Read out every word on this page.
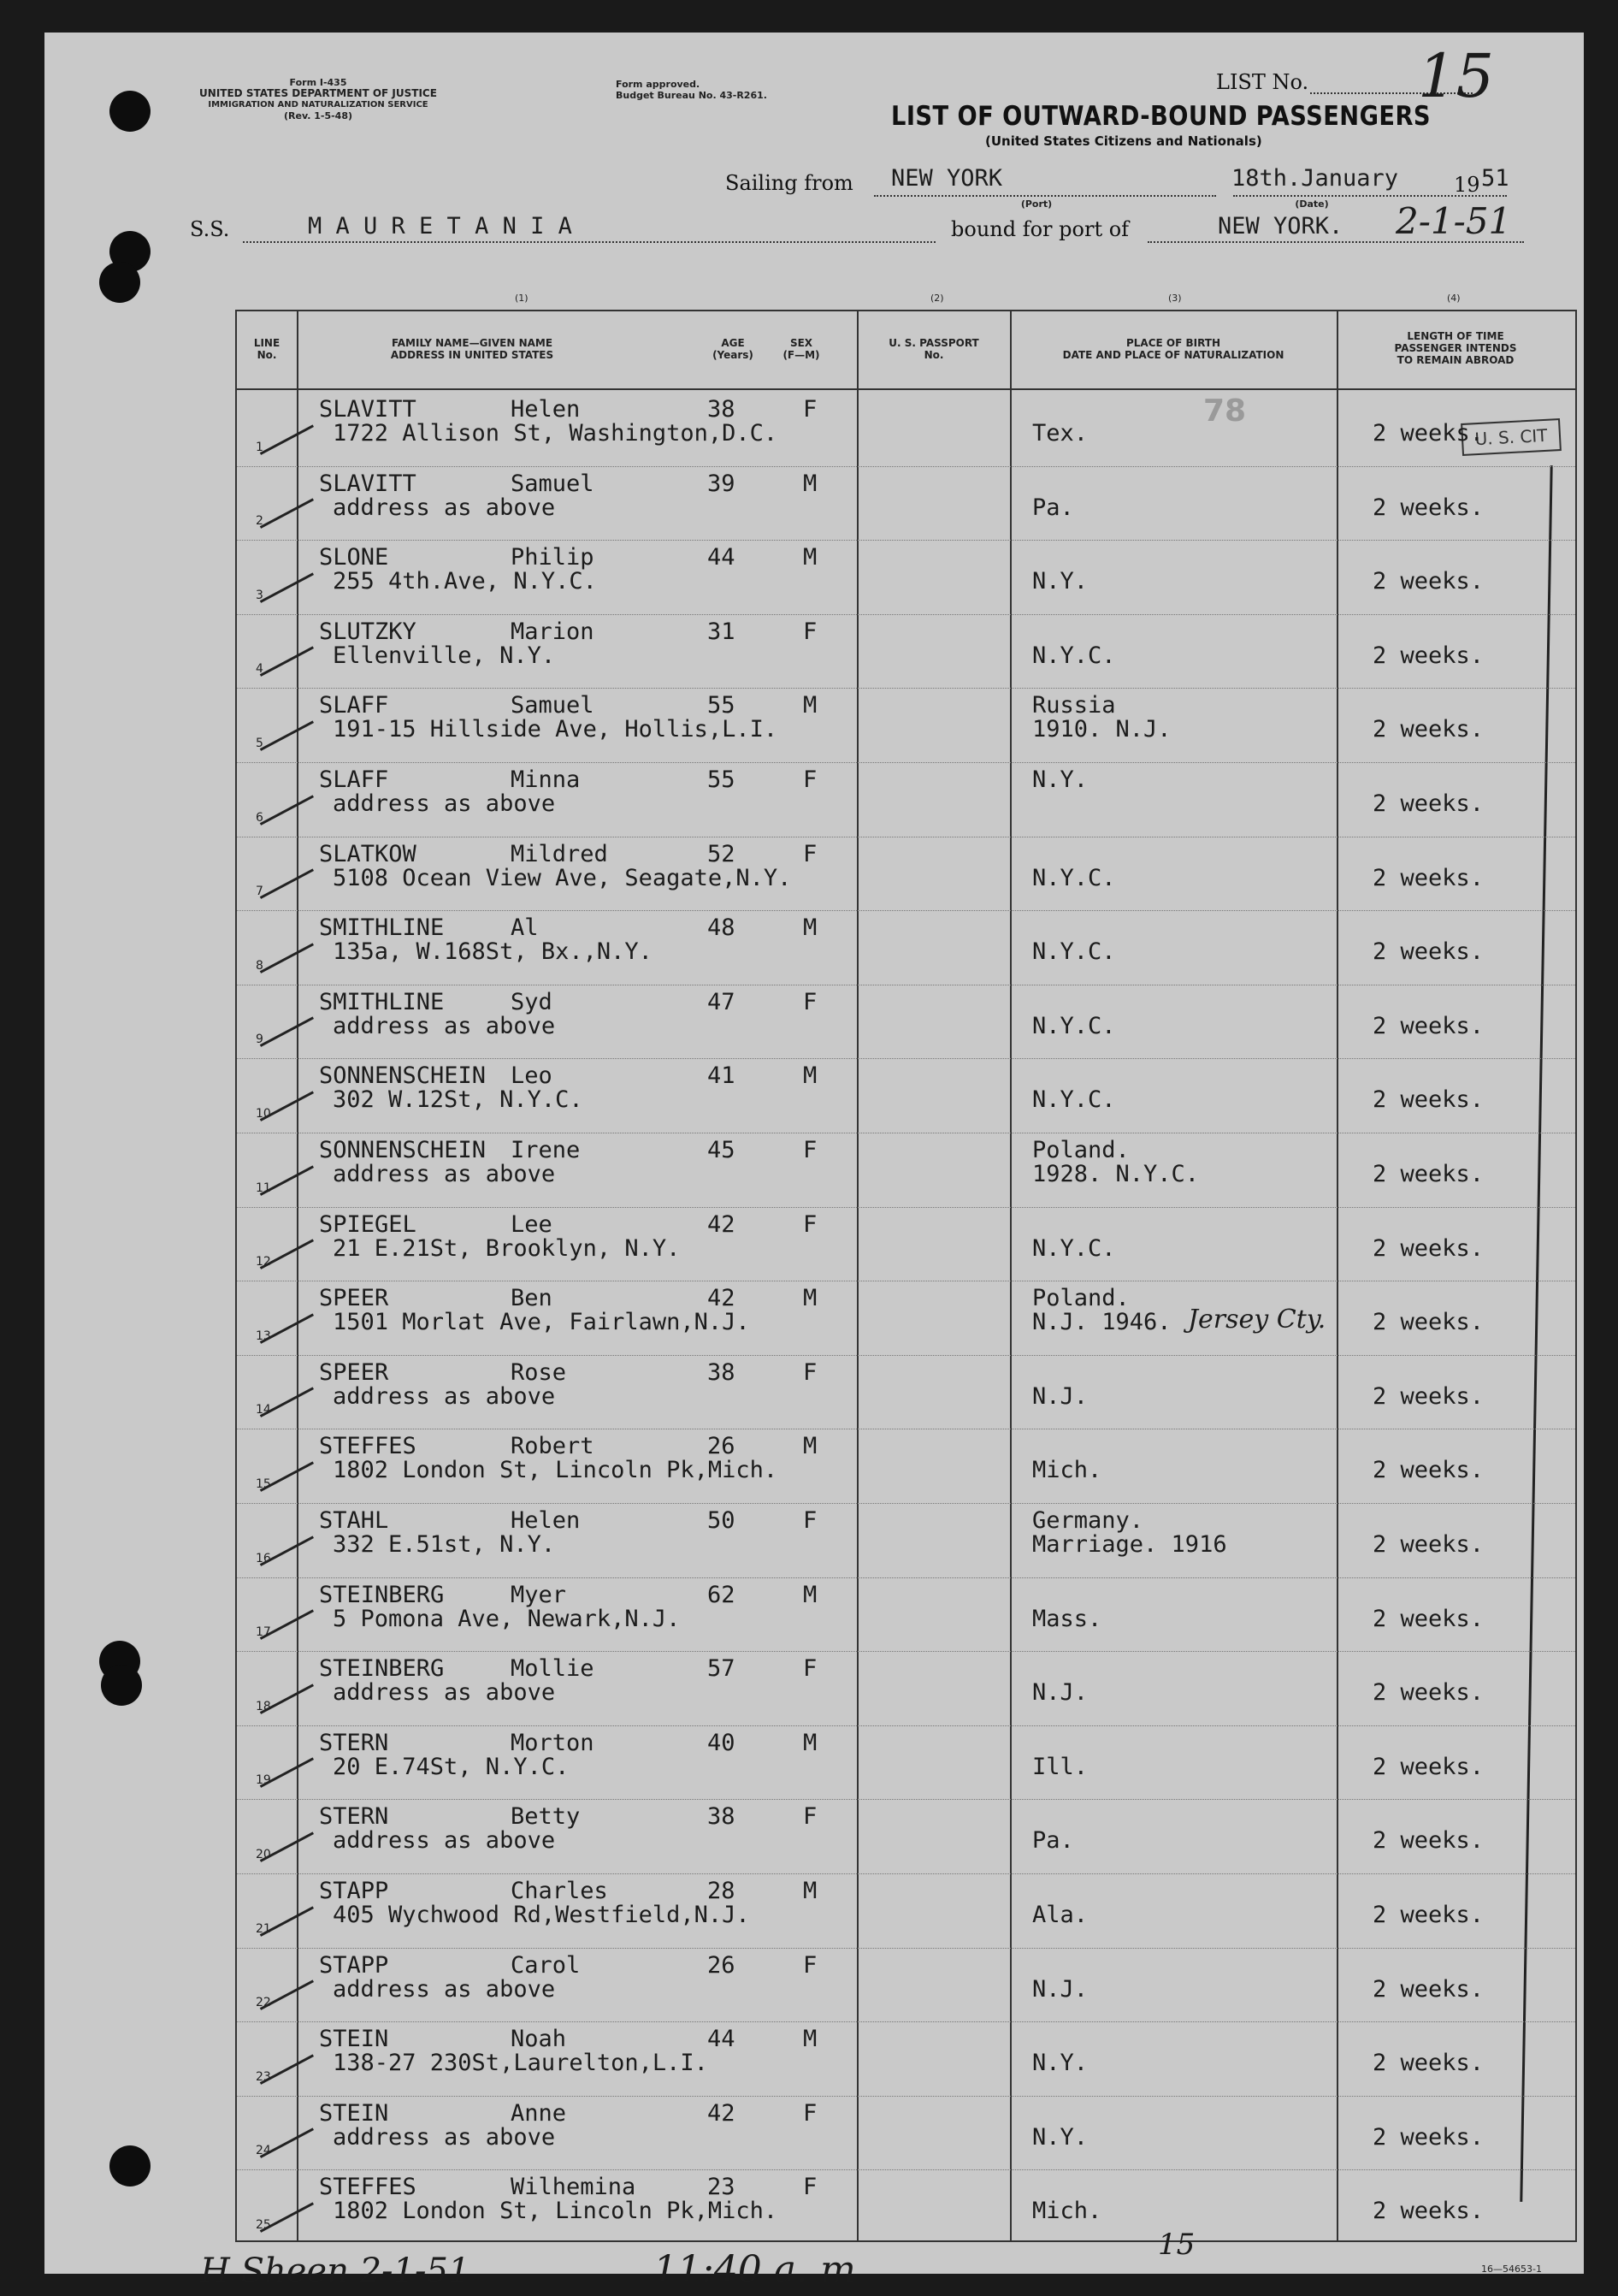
Form I-435
UNITED STATES DEPARTMENT OF JUSTICE
IMMIGRATION AND NATURALIZATION SERVICE
(Rev. 1-5-48)
Form approved.
Budget Bureau No. 43-R261.
LIST No. 15
LIST OF OUTWARD-BOUND PASSENGERS
(United States Citizens and Nationals)
Sailing from NEW YORK
(Port)
18th.January	19 51
(Date)
S.S.	M A U R E T A N I A	bound for port of	NEW YORK. 2-1-51
(1)	(2)	(3)	(4)
LINE
No.
FAMILY NAME—GIVEN NAME
ADDRESS IN UNITED STATES
AGE
(Years)
SEX
(F—M)
U. S. PASSPORT
No.
PLACE OF BIRTH
DATE AND PLACE OF NATURALIZATION
LENGTH OF TIME
PASSENGER INTENDS
TO REMAIN ABROAD
U. S. CIT
78
1
SLAVITT	Helen
1722 Allison St, Washington,D.C.
38	F
Tex.	2 weeks.
2
SLAVITT	Samuel
address as above
39	M
Pa.	2 weeks.
3
SLONE	Philip
255 4th.Ave, N.Y.C.
44	M
N.Y.	2 weeks.
4
SLUTZKY	Marion
Ellenville, N.Y.
31	F
N.Y.C.	2 weeks.
5
SLAFF	Samuel
191-15 Hillside Ave, Hollis,L.I.
55	M	Russia
1910. N.J.	2 weeks.
6
SLAFF	Minna
address as above
55	F	N.Y.
2 weeks.
7
SLATKOW	Mildred
5108 Ocean View Ave, Seagate,N.Y.
52	F
N.Y.C.	2 weeks.
8
SMITHLINE	Al
135a, W.168St, Bx.,N.Y.
48	M
N.Y.C.	2 weeks.
9
SMITHLINE	Syd
address as above
47	F
N.Y.C.	2 weeks.
10
SONNENSCHEIN Leo
302 W.12St, N.Y.C.
41	M
N.Y.C.	2 weeks.
11
SONNENSCHEIN Irene
address as above
45	F	Poland.
1928. N.Y.C.	2 weeks.
12
SPIEGEL	Lee
21 E.21St, Brooklyn, N.Y.
42	F
N.Y.C.	2 weeks.
13
SPEER	Ben
1501 Morlat Ave, Fairlawn,N.J.
42	M	Poland.
N.J. 1946.	2 weeks.
Jersey Cty.
14
SPEER	Rose
address as above
38	F
N.J.	2 weeks.
15
STEFFES	Robert
1802 London St, Lincoln Pk,Mich.
26	M
Mich.	2 weeks.
16
STAHL	Helen
332 E.51st, N.Y.
50	F	Germany.
Marriage. 1916	2 weeks.
17
STEINBERG	Myer
5 Pomona Ave, Newark,N.J.
62	M
Mass.	2 weeks.
18
STEINBERG	Mollie
address as above
57	F
N.J.	2 weeks.
19
STERN	Morton
20 E.74St, N.Y.C.
40	M
Ill.	2 weeks.
20
STERN	Betty
address as above
38	F
Pa.	2 weeks.
21
STAPP	Charles
405 Wychwood Rd,Westfield,N.J.
28	M
Ala.	2 weeks.
22
STAPP	Carol
address as above
26	F
N.J.	2 weeks.
23
STEIN	Noah
138-27 230St,Laurelton,L.I.
44	M
N.Y.	2 weeks.
24
STEIN	Anne
address as above
42	F
N.Y.	2 weeks.
25
STEFFES	Wilhemina
1802 London St, Lincoln Pk,Mich.
23	F
Mich.	2 weeks.
H Sheen 2-1-51	11:40 a. m
15
16—54653-1
